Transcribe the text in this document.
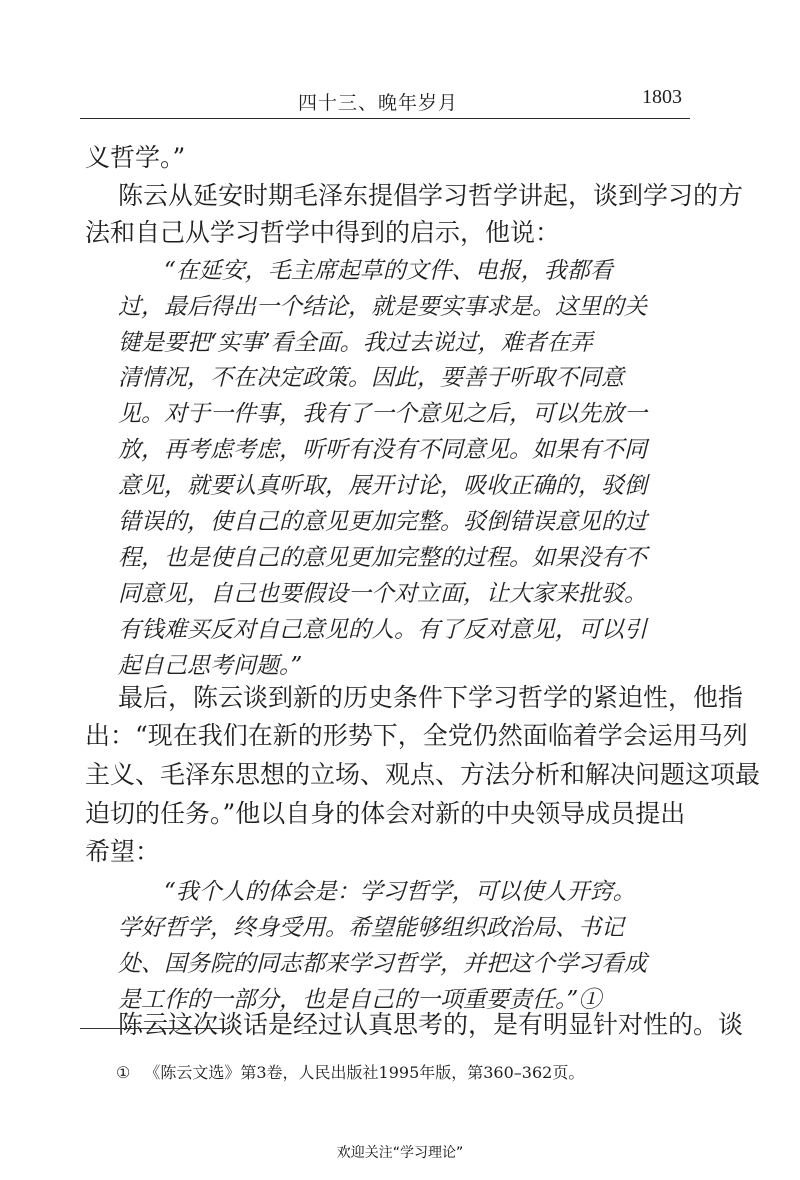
四十三、晚年岁月	1803
义哲学。”
陈云从延安时期毛泽东提倡学习哲学讲起，谈到学习的方
法和自己从学习哲学中得到的启示，他说：
“在延安，毛主席起草的文件、电报，我都看
过，最后得出一个结论，就是要实事求是。这里的关
键是要把‘实事’看全面。我过去说过，难者在弄
清情况，不在决定政策。因此，要善于听取不同意
见。对于一件事，我有了一个意见之后，可以先放一
放，再考虑考虑，听听有没有不同意见。如果有不同
意见，就要认真听取，展开讨论，吸收正确的，驳倒
错误的，使自己的意见更加完整。驳倒错误意见的过
程，也是使自己的意见更加完整的过程。如果没有不
同意见，自己也要假设一个对立面，让大家来批驳。
有钱难买反对自己意见的人。有了反对意见，可以引
起自己思考问题。”
最后，陈云谈到新的历史条件下学习哲学的紧迫性，他指
出：“现在我们在新的形势下，全党仍然面临着学会运用马列
主义、毛泽东思想的立场、观点、方法分析和解决问题这项最
迫切的任务。”他以自身的体会对新的中央领导成员提出
希望：
“我个人的体会是：学习哲学，可以使人开窍。
学好哲学，终身受用。希望能够组织政治局、书记
处、国务院的同志都来学习哲学，并把这个学习看成
是工作的一部分，也是自己的一项重要责任。”①
陈云这次谈话是经过认真思考的，是有明显针对性的。谈
① 《陈云文选》第3卷，人民出版社1995年版，第360–362页。
欢迎关注“学习理论”
